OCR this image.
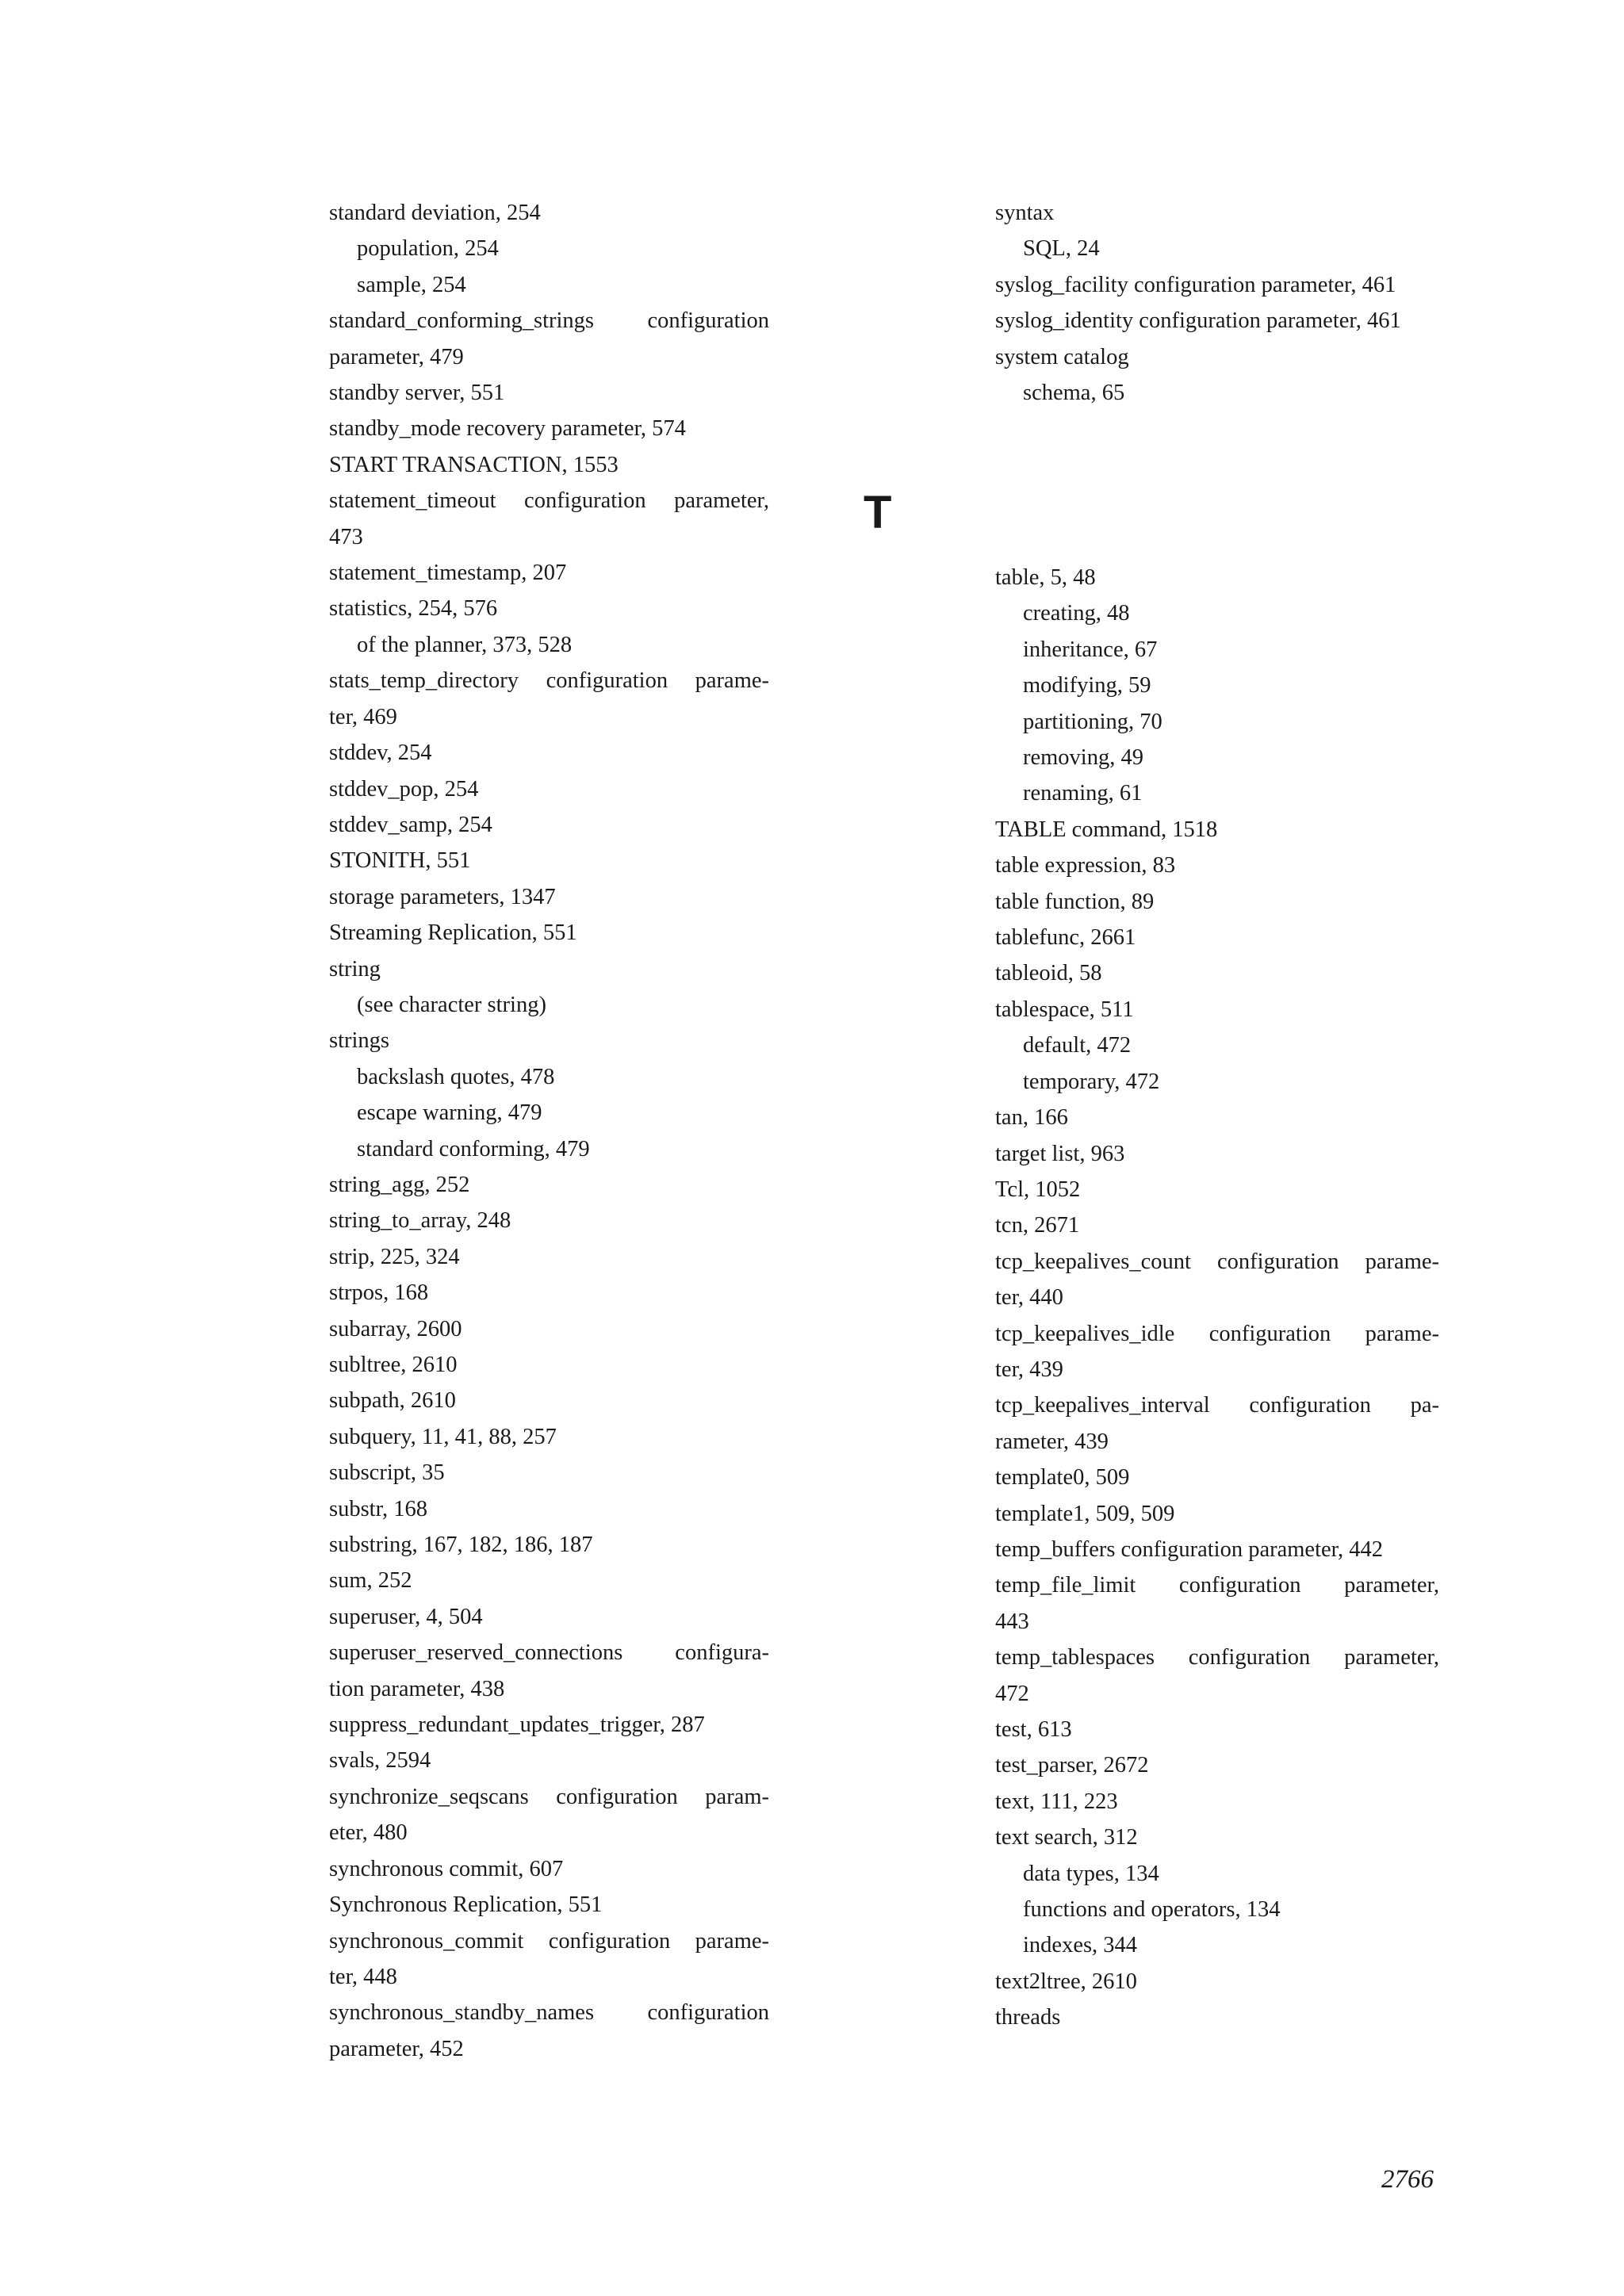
standard deviation, 254
population, 254
sample, 254
standard_conforming_strings configuration
parameter, 479
standby server, 551
standby_mode recovery parameter, 574
START TRANSACTION, 1553
statement_timeout configuration parameter,
473
statement_timestamp, 207
statistics, 254, 576
of the planner, 373, 528
stats_temp_directory configuration parame-
ter, 469
stddev, 254
stddev_pop, 254
stddev_samp, 254
STONITH, 551
storage parameters, 1347
Streaming Replication, 551
string
(see character string)
strings
backslash quotes, 478
escape warning, 479
standard conforming, 479
string_agg, 252
string_to_array, 248
strip, 225, 324
strpos, 168
subarray, 2600
subltree, 2610
subpath, 2610
subquery, 11, 41, 88, 257
subscript, 35
substr, 168
substring, 167, 182, 186, 187
sum, 252
superuser, 4, 504
superuser_reserved_connections configura-
tion parameter, 438
suppress_redundant_updates_trigger, 287
svals, 2594
synchronize_seqscans configuration param-
eter, 480
synchronous commit, 607
Synchronous Replication, 551
synchronous_commit configuration parame-
ter, 448
synchronous_standby_names configuration
parameter, 452
syntax
SQL, 24
syslog_facility configuration parameter, 461
syslog_identity configuration parameter, 461
system catalog
schema, 65
T
table, 5, 48
creating, 48
inheritance, 67
modifying, 59
partitioning, 70
removing, 49
renaming, 61
TABLE command, 1518
table expression, 83
table function, 89
tablefunc, 2661
tableoid, 58
tablespace, 511
default, 472
temporary, 472
tan, 166
target list, 963
Tcl, 1052
tcn, 2671
tcp_keepalives_count configuration parame-
ter, 440
tcp_keepalives_idle configuration parame-
ter, 439
tcp_keepalives_interval configuration pa-
rameter, 439
template0, 509
template1, 509, 509
temp_buffers configuration parameter, 442
temp_file_limit configuration parameter,
443
temp_tablespaces configuration parameter,
472
test, 613
test_parser, 2672
text, 111, 223
text search, 312
data types, 134
functions and operators, 134
indexes, 344
text2ltree, 2610
threads
2766
